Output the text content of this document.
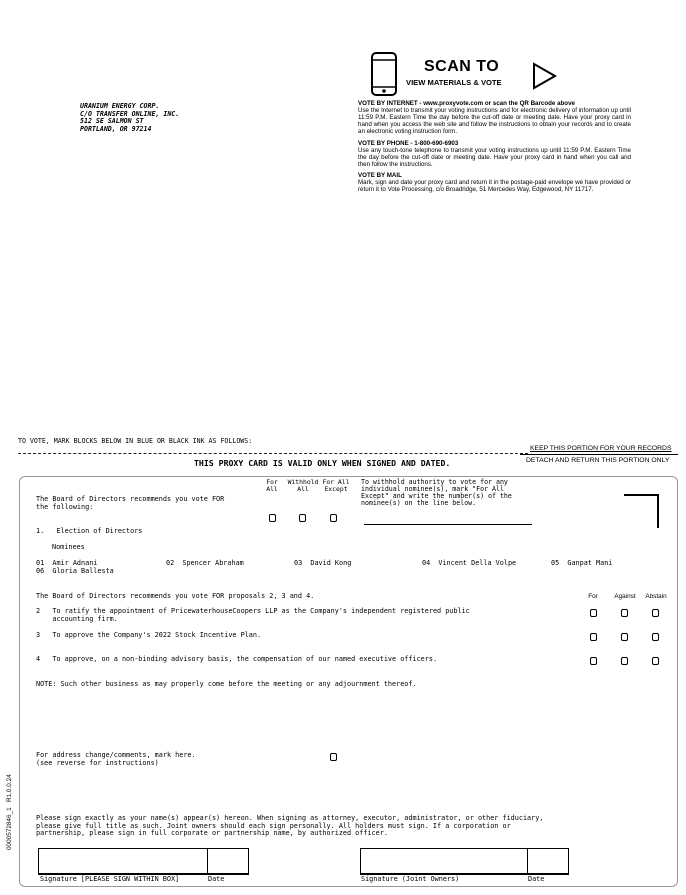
URANIUM ENERGY CORP.
C/O TRANSFER ONLINE, INC.
512 SE SALMON ST
PORTLAND, OR 97214
SCAN TO
VIEW MATERIALS & VOTE
VOTE BY INTERNET - www.proxyvote.com or scan the QR Barcode above
Use the Internet to transmit your voting instructions and for electronic delivery of information up until 11:59 P.M. Eastern Time the day before the cut-off date or meeting date. Have your proxy card in hand when you access the web site and follow the instructions to obtain your records and to create an electronic voting instruction form.
VOTE BY PHONE - 1-800-690-6903
Use any touch-tone telephone to transmit your voting instructions up until 11:59 P.M. Eastern Time the day before the cut-off date or meeting date. Have your proxy card in hand when you call and then follow the instructions.
VOTE BY MAIL
Mark, sign and date your proxy card and return it in the postage-paid envelope we have provided or return it to Vote Processing, c/o Broadridge, 51 Mercedes Way, Edgewood, NY 11717.
TO VOTE, MARK BLOCKS BELOW IN BLUE OR BLACK INK AS FOLLOWS:
KEEP THIS PORTION FOR YOUR RECORDS
THIS PROXY CARD IS VALID ONLY WHEN SIGNED AND DATED.	DETACH AND RETURN THIS PORTION ONLY
0000572846_1   R1.0.0.24
The Board of Directors recommends you vote FOR
the following:
For
All
Withhold
All
For All
Except
To withhold authority to vote for any
individual nominee(s), mark "For All
Except" and write the number(s) of the
nominee(s) on the line below.
1.   Election of Directors
Nominees
01 Amir Adnani	02 Spencer Abraham	03 David Kong	04 Vincent Della Volpe	05 Ganpat Mani
06 Gloria Ballesta
The Board of Directors recommends you vote FOR proposals 2, 3 and 4.	For	Against	Abstain
2 To ratify the appointment of PricewaterhouseCoopers LLP as the Company's independent registered public
accounting firm.
3 To approve the Company's 2022 Stock Incentive Plan.
4 To approve, on a non-binding advisory basis, the compensation of our named executive officers.
NOTE: Such other business as may properly come before the meeting or any adjournment thereof.
For address change/comments, mark here.
(see reverse for instructions)
Please sign exactly as your name(s) appear(s) hereon. When signing as attorney, executor, administrator, or other fiduciary,
please give full title as such. Joint owners should each sign personally. All holders must sign. If a corporation or
partnership, please sign in full corporate or partnership name, by authorized officer.
Signature [PLEASE SIGN WITHIN BOX]	Date	Signature (Joint Owners)	Date
